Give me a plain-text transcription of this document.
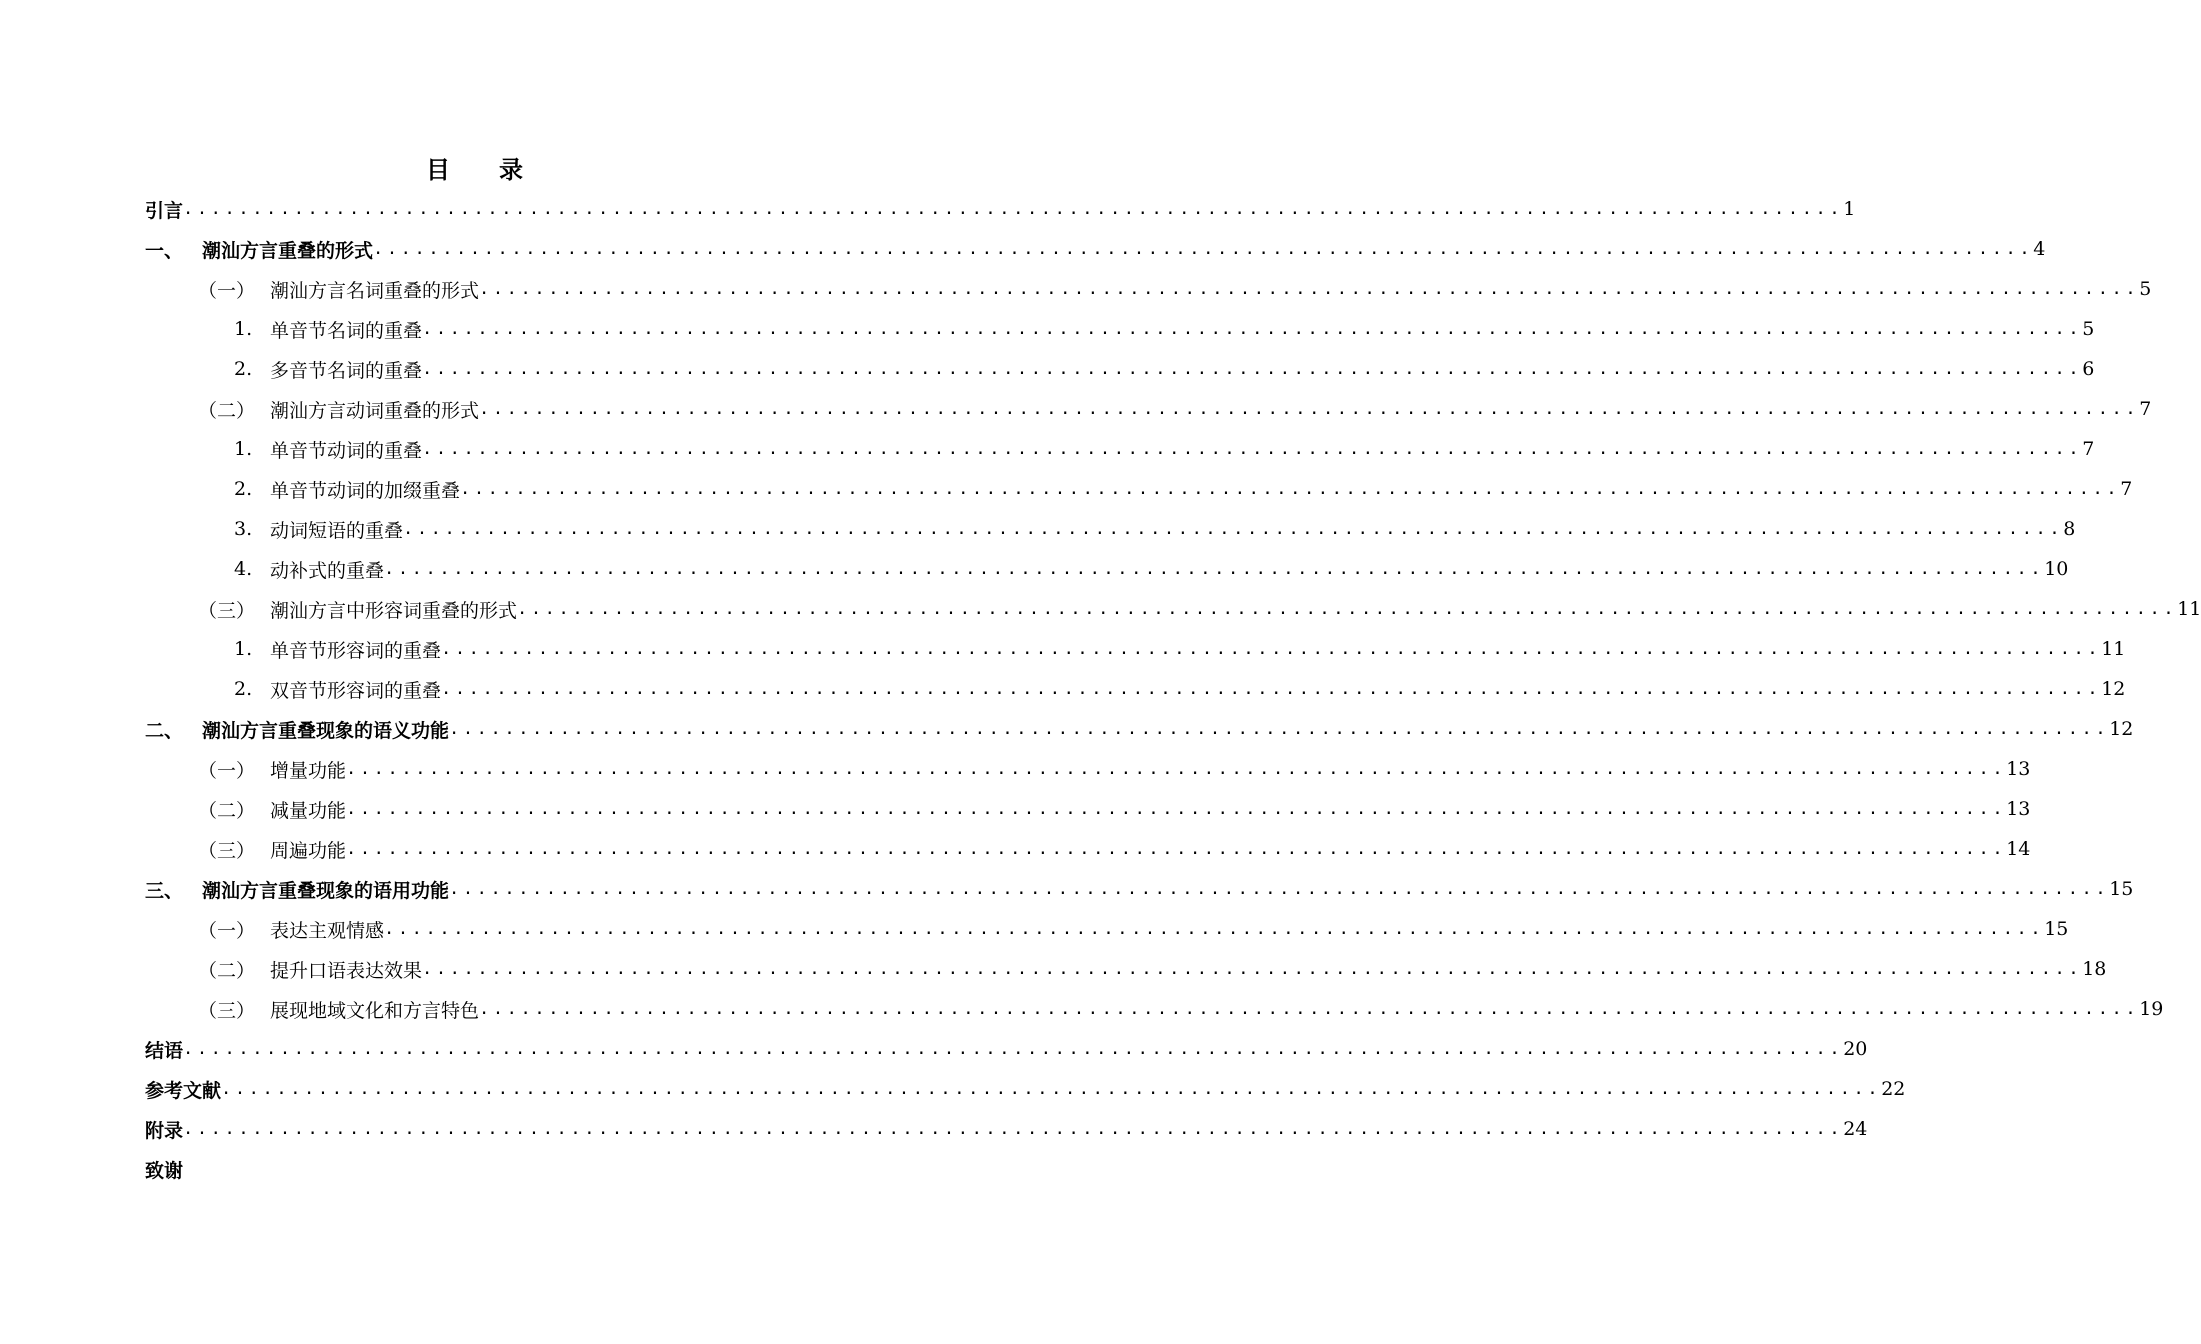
目 录
引言 ........................................................................................................................ 1
一、 潮汕方言重叠的形式 ........................................................................................................................ 4
（一） 潮汕方言名词重叠的形式 ........................................................................................................................ 5
1. 单音节名词的重叠 ........................................................................................................................ 5
2. 多音节名词的重叠 ........................................................................................................................ 6
（二） 潮汕方言动词重叠的形式 ........................................................................................................................ 7
1. 单音节动词的重叠 ........................................................................................................................ 7
2. 单音节动词的加缀重叠 ........................................................................................................................ 7
3. 动词短语的重叠 ........................................................................................................................ 8
4. 动补式的重叠 ........................................................................................................................ 10
（三） 潮汕方言中形容词重叠的形式 ........................................................................................................................ 11
1. 单音节形容词的重叠 ........................................................................................................................ 11
2. 双音节形容词的重叠 ........................................................................................................................ 12
二、 潮汕方言重叠现象的语义功能 ........................................................................................................................ 12
（一） 增量功能 ........................................................................................................................ 13
（二） 减量功能 ........................................................................................................................ 13
（三） 周遍功能 ........................................................................................................................ 14
三、 潮汕方言重叠现象的语用功能 ........................................................................................................................ 15
（一） 表达主观情感 ........................................................................................................................ 15
（二） 提升口语表达效果 ........................................................................................................................ 18
（三） 展现地域文化和方言特色 ........................................................................................................................ 19
结语 ........................................................................................................................ 20
参考文献 ........................................................................................................................ 22
附录 ........................................................................................................................ 24
致谢
